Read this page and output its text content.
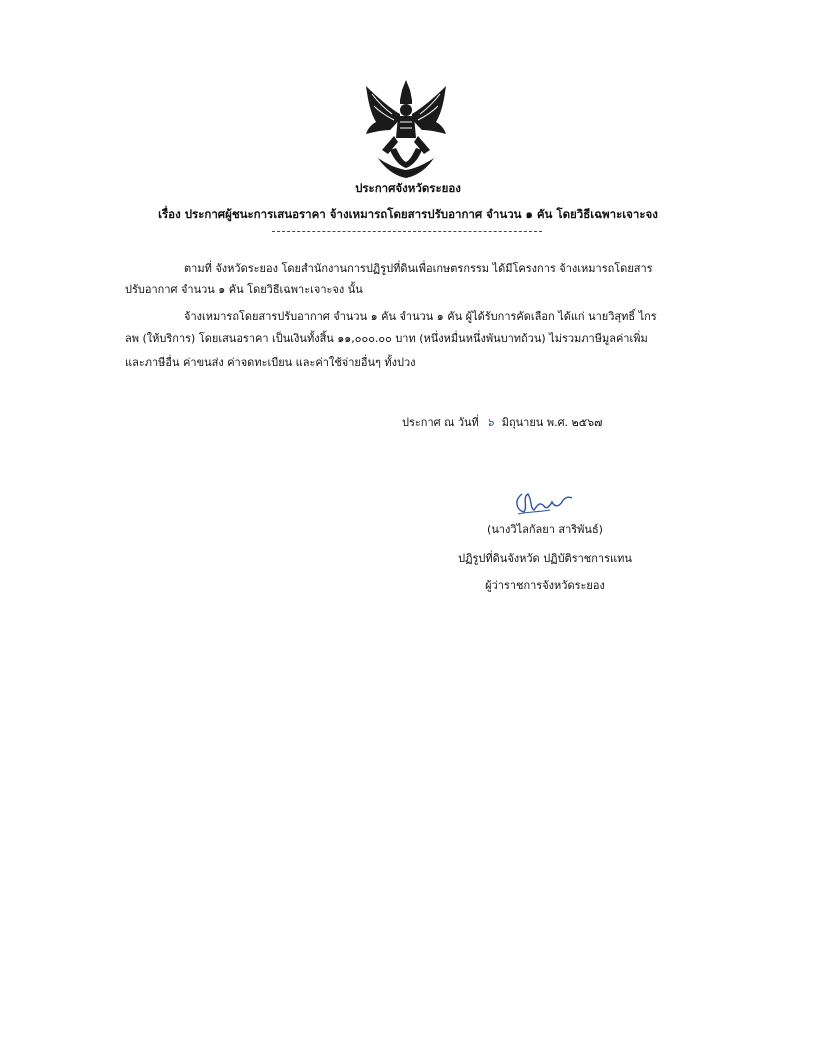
ประกาศจังหวัดระยอง
เรื่อง ประกาศผู้ชนะการเสนอราคา จ้างเหมารถโดยสารปรับอากาศ จำนวน ๑ คัน โดยวิธีเฉพาะเจาะจง
ตามที่ จังหวัดระยอง โดยสำนักงานการปฏิรูปที่ดินเพื่อเกษตรกรรม ได้มีโครงการ จ้างเหมารถโดยสาร
ปรับอากาศ จำนวน ๑ คัน โดยวิธีเฉพาะเจาะจง นั้น
จ้างเหมารถโดยสารปรับอากาศ จำนวน ๑ คัน จำนวน ๑ คัน ผู้ได้รับการคัดเลือก ได้แก่ นายวิสุทธิ์ ไกร
ลพ (ให้บริการ) โดยเสนอราคา เป็นเงินทั้งสิ้น ๑๑,๐๐๐.๐๐ บาท (หนึ่งหมื่นหนึ่งพันบาทถ้วน) ไม่รวมภาษีมูลค่าเพิ่ม
และภาษีอื่น ค่าขนส่ง ค่าจดทะเบียน และค่าใช้จ่ายอื่นๆ ทั้งปวง
ประกาศ ณ วันที่ ๖ มิถุนายน พ.ศ. ๒๕๖๗
(นางวิไลกัลยา สาริพันธ์)
ปฏิรูปที่ดินจังหวัด ปฏิบัติราชการแทน
ผู้ว่าราชการจังหวัดระยอง
